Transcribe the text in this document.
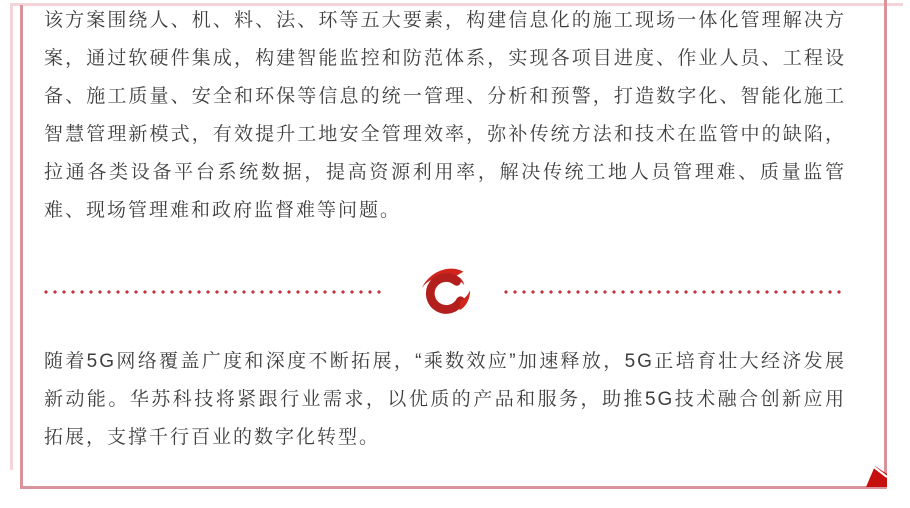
该方案围绕人、机、料、法、环等五大要素，构建信息化的施工现场一体化管理解决方案，通过软硬件集成，构建智能监控和防范体系，实现各项目进度、作业人员、工程设备、施工质量、安全和环保等信息的统一管理、分析和预警，打造数字化、智能化施工智慧管理新模式，有效提升工地安全管理效率，弥补传统方法和技术在监管中的缺陷，拉通各类设备平台系统数据，提高资源利用率，解决传统工地人员管理难、质量监管难、现场管理难和政府监督难等问题。

随着5G网络覆盖广度和深度不断拓展，“乘数效应”加速释放，5G正培育壮大经济发展新动能。华苏科技将紧跟行业需求，以优质的产品和服务，助推5G技术融合创新应用拓展，支撑千行百业的数字化转型。
